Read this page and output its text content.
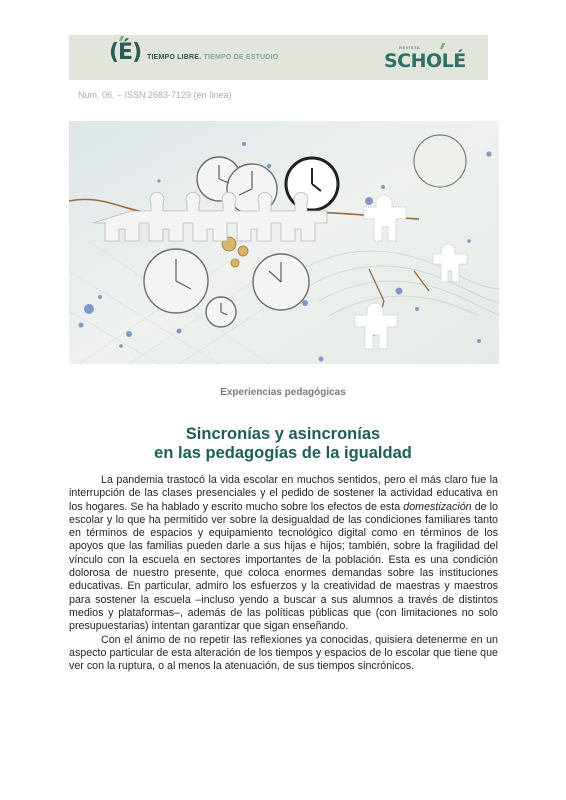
(É) TIEMPO LIBRE. TIEMPO DE ESTUDIO
REVISTA
SCHOLÉ
Num. 06, – ISSN 2683-7129 (en línea)
Experiencias pedagógicas
Sincronías y asincronías
en las pedagogías de la igualdad

La pandemia trastocó la vida escolar en muchos sentidos, pero el más claro fue la interrupción de las clases presenciales y el pedido de sostener la actividad educativa en los hogares. Se ha hablado y escrito mucho sobre los efectos de esta domestización de lo escolar y lo que ha permitido ver sobre la desigualdad de las condiciones familiares tanto en términos de espacios y equipamiento tecnológico digital como en términos de los apoyos que las familias pueden darle a sus hijas e hijos; también, sobre la fragilidad del vínculo con la escuela en sectores importantes de la población. Esta es una condición dolorosa de nuestro presente, que coloca enormes demandas sobre las instituciones educativas. En particular, admiro los esfuerzos y la creatividad de maestras y maestros para sostener la escuela –incluso yendo a buscar a sus alumnos a través de distintos medios y plataformas–, además de las políticas públicas que (con limitaciones no solo presupuestarias) intentan garantizar que sigan enseñando.

Con el ánimo de no repetir las reflexiones ya conocidas, quisiera detenerme en un aspecto particular de esta alteración de los tiempos y espacios de lo escolar que tiene que ver con la ruptura, o al menos la atenuación, de sus tiempos sincrónicos.
